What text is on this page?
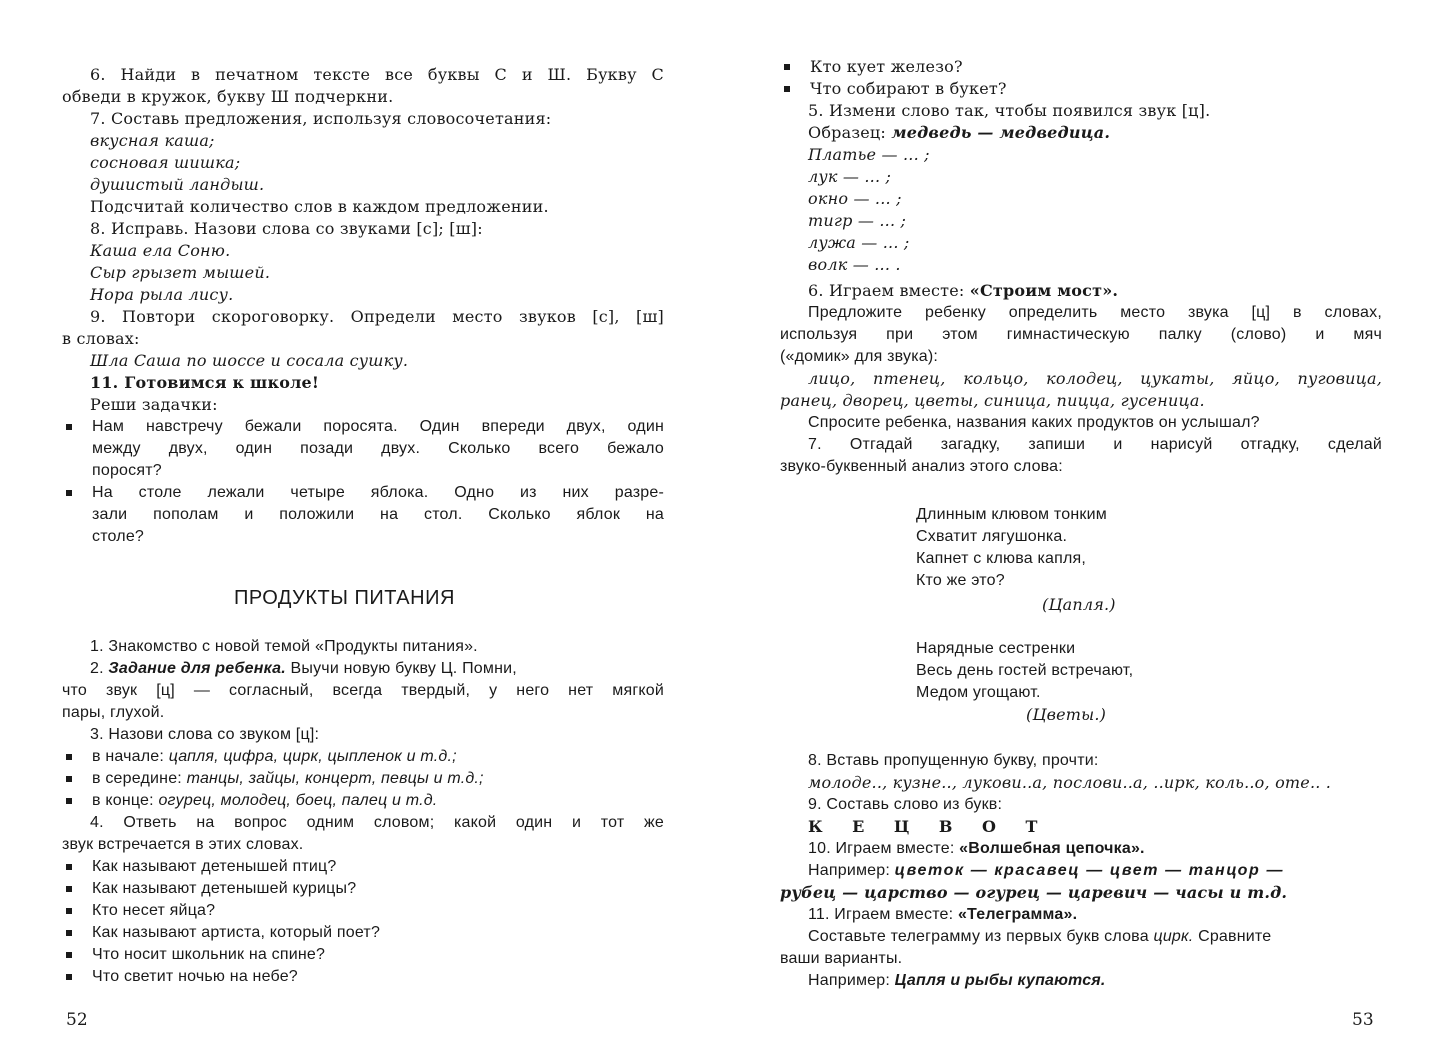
6. Найди в печатном тексте все буквы С и Ш. Букву С
обведи в кружок, букву Ш подчеркни.
7. Составь предложения, используя словосочетания:
вкусная каша;
сосновая шишка;
душистый ландыш.
Подсчитай количество слов в каждом предложении.
8. Исправь. Назови слова со звуками [с]; [ш]:
Каша ела Соню.
Сыр грызет мышей.
Нора рыла лису.
9. Повтори скороговорку. Определи место звуков [с], [ш]
в словах:
Шла Саша по шоссе и сосала сушку.
11. Готовимся к школе!
Реши задачки:
Нам навстречу бежали поросята. Один впереди двух, один
между двух, один позади двух. Сколько всего бежало
поросят?
На столе лежали четыре яблока. Одно из них разре-
зали пополам и положили на стол. Сколько яблок на
столе?
ПРОДУКТЫ ПИТАНИЯ
1. Знакомство с новой темой «Продукты питания».
2. Задание для ребенка. Выучи новую букву Ц. Помни,
что звук [ц] — согласный, всегда твердый, у него нет мягкой
пары, глухой.
3. Назови слова со звуком [ц]:
в начале: цапля, цифра, цирк, цыпленок и т.д.;
в середине: танцы, зайцы, концерт, певцы и т.д.;
в конце: огурец, молодец, боец, палец и т.д.
4. Ответь на вопрос одним словом; какой один и тот же
звук встречается в этих словах.
Как называют детенышей птиц?
Как называют детенышей курицы?
Кто несет яйца?
Как называют артиста, который поет?
Что носит школьник на спине?
Что светит ночью на небе?
52
Кто кует железо?
Что собирают в букет?
5. Измени слово так, чтобы появился звук [ц].
Образец: медведь — медведица.
Платье — ... ;
лук — ... ;
окно — ... ;
тигр — ... ;
лужа — ... ;
волк — ... .
6. Играем вместе: «Строим мост».
Предложите ребенку определить место звука [ц] в словах,
используя при этом гимнастическую палку (слово) и мяч
(«домик» для звука):
лицо, птенец, кольцо, колодец, цукаты, яйцо, пуговица,
ранец, дворец, цветы, синица, пицца, гусеница.
Спросите ребенка, названия каких продуктов он услышал?
7. Отгадай загадку, запиши и нарисуй отгадку, сделай
звуко-буквенный анализ этого слова:
Длинным клювом тонким
Схватит лягушонка.
Капнет с клюва капля,
Кто же это?
(Цапля.)
Нарядные сестренки
Весь день гостей встречают,
Медом угощают.
(Цветы.)
8. Вставь пропущенную букву, прочти:
молоде.., кузне.., лукови..а, послови..а, ..ирк, коль..о, оте.. .
9. Составь слово из букв:
К Е Ц В О Т
10. Играем вместе: «Волшебная цепочка».
Например: цветок — красавец — цвет — танцор —
рубец — царство — огурец — царевич — часы и т.д.
11. Играем вместе: «Телеграмма».
Составьте телеграмму из первых букв слова цирк. Сравните
ваши варианты.
Например: Цапля и рыбы купаются.
53
